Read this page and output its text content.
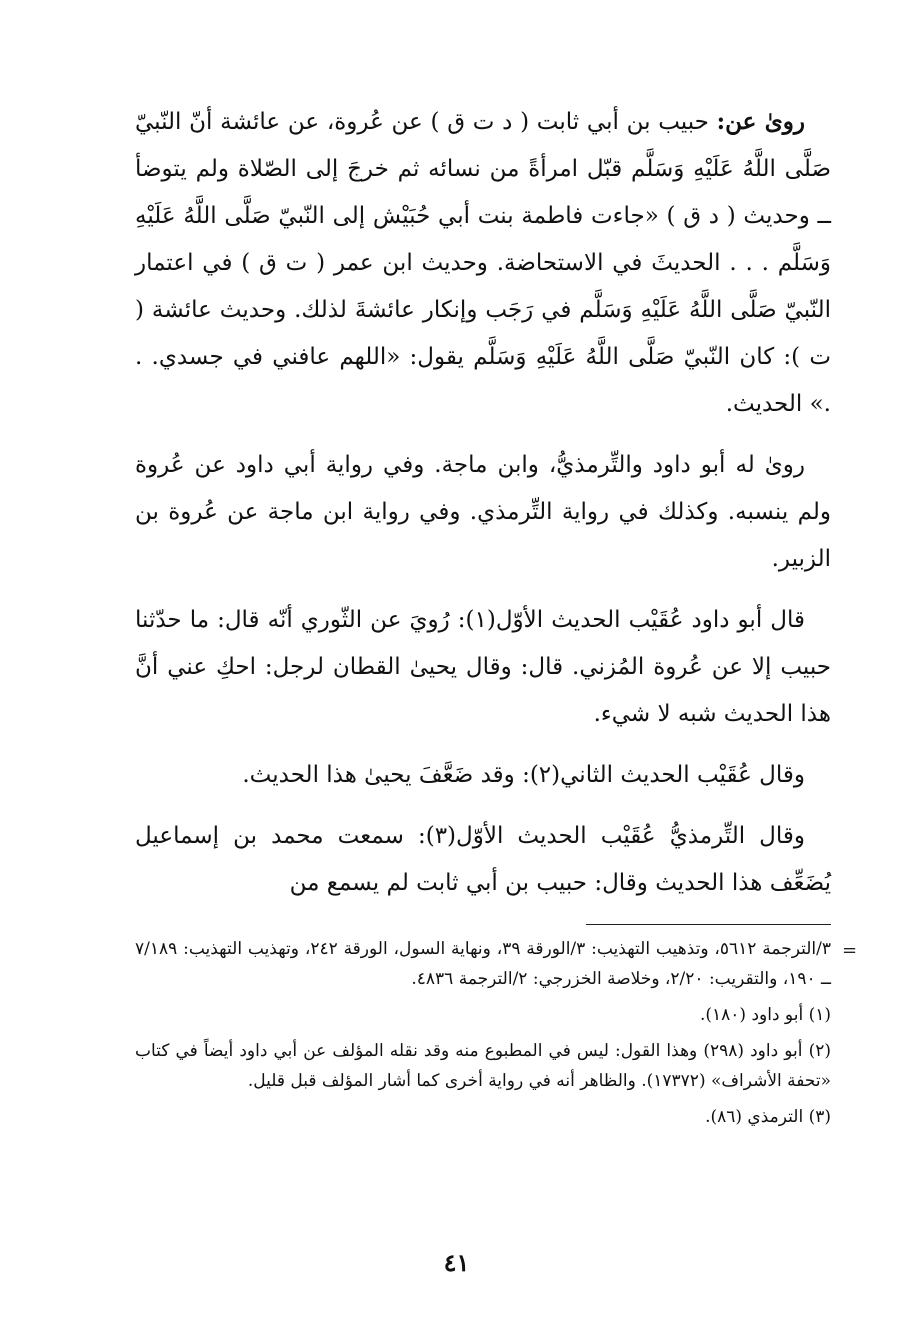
روىٰ عن: حبيب بن أبي ثابت ( د ت ق ) عن عُروة، عن عائشة أنّ النّبيّ صَلَّى اللَّهُ عَلَيْهِ وَسَلَّم قبّل امرأةً من نسائه ثم خرجَ إلى الصّلاة ولم يتوضأ ــ وحديث ( د ق ) «جاءت فاطمة بنت أبي حُبَيْش إلى النّبيّ صَلَّى اللَّهُ عَلَيْهِ وَسَلَّم . . . الحديثَ في الاستحاضة. وحديث ابن عمر ( ت ق ) في اعتمار النّبيّ صَلَّى اللَّهُ عَلَيْهِ وَسَلَّم في رَجَب وإنكار عائشةَ لذلك. وحديث عائشة ( ت ): كان النّبيّ صَلَّى اللَّهُ عَلَيْهِ وَسَلَّم يقول: «اللهم عافني في جسدي. . .» الحديث.

روىٰ له أبو داود والتِّرمذيُّ، وابن ماجة. وفي رواية أبي داود عن عُروة ولم ينسبه. وكذلك في رواية التِّرمذي. وفي رواية ابن ماجة عن عُروة بن الزبير.

قال أبو داود عُقَيْب الحديث الأوّل(١): رُويَ عن الثّوري أنّه قال: ما حدّثنا حبيب إلا عن عُروة المُزني. قال: وقال يحيىٰ القطان لرجل: احكِ عني أنَّ هذا الحديث شبه لا شيء.

وقال عُقَيْب الحديث الثاني(٢): وقد ضَعَّفَ يحيىٰ هذا الحديث.

وقال التِّرمذيُّ عُقَيْب الحديث الأوّل(٣): سمعت محمد بن إسماعيل يُضَعِّف هذا الحديث وقال: حبيب بن أبي ثابت لم يسمع من

=

٣/الترجمة ٥٦١٢، وتذهيب التهذيب: ٣/الورقة ٣٩، ونهاية السول، الورقة ٢٤٢، وتهذيب التهذيب: ٧/١٨٩ ــ ١٩٠، والتقريب: ٢/٢٠، وخلاصة الخزرجي: ٢/الترجمة ٤٨٣٦.

(١) أبو داود (١٨٠).

(٢) أبو داود (٢٩٨) وهذا القول: ليس في المطبوع منه وقد نقله المؤلف عن أبي داود أيضاً في كتاب «تحفة الأشراف» (١٧٣٧٢). والظاهر أنه في رواية أخرى كما أشار المؤلف قبل قليل.

(٣) الترمذي (٨٦).

٤١
